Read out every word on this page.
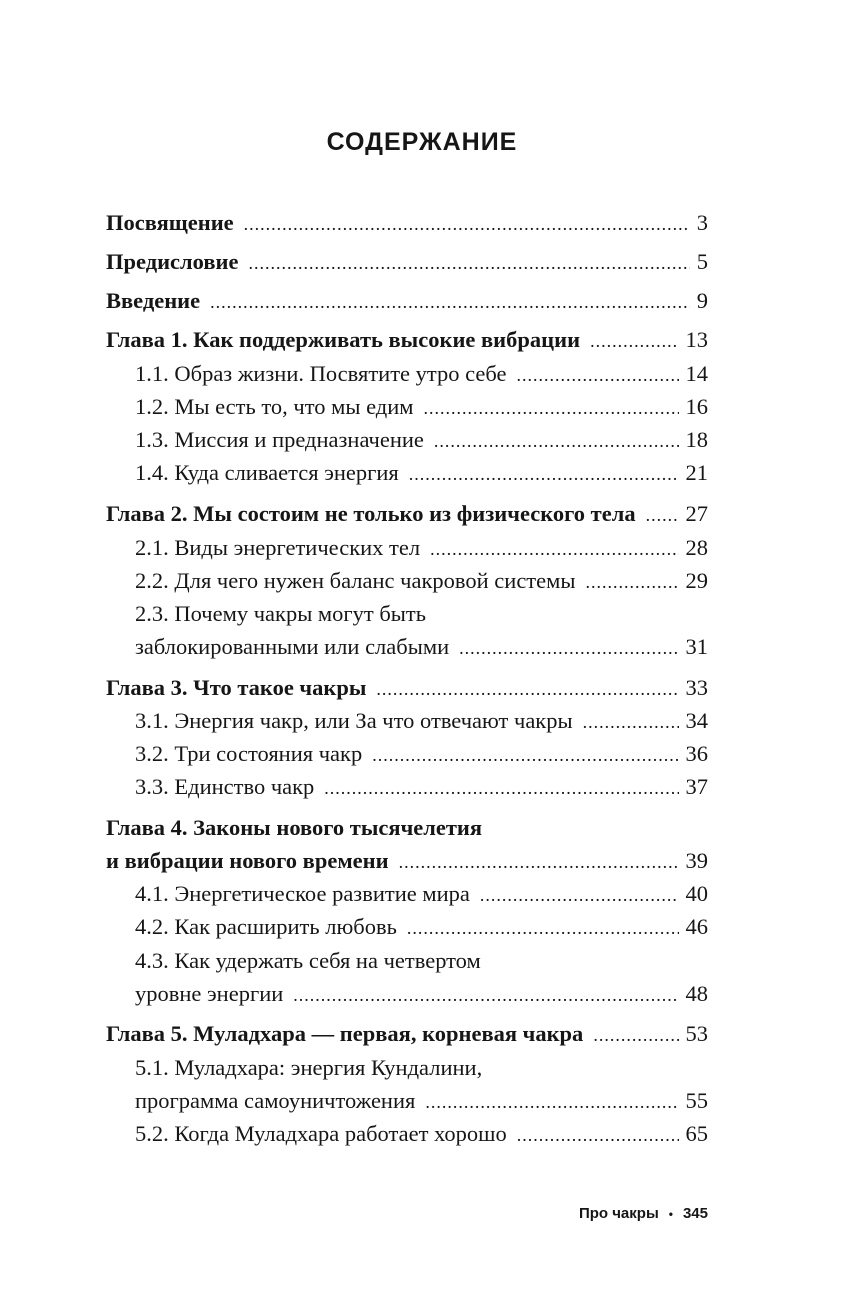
СОДЕРЖАНИЕ
Посвящение .....	3
Предисловие .....	5
Введение .....	9
Глава 1. Как поддерживать высокие вибрации .....	13
1.1. Образ жизни. Посвятите утро себе .....	14
1.2. Мы есть то, что мы едим .....	16
1.3. Миссия и предназначение .....	18
1.4. Куда сливается энергия .....	21
Глава 2. Мы состоим не только из физического тела ..... 27
2.1. Виды энергетических тел .....	28
2.2. Для чего нужен баланс чакровой системы .....	29
2.3. Почему чакры могут быть
заблокированными или слабыми .....	31
Глава 3. Что такое чакры .....	33
3.1. Энергия чакр, или За что отвечают чакры .....	34
3.2. Три состояния чакр .....	36
3.3. Единство чакр .....	37
Глава 4. Законы нового тысячелетия
и вибрации нового времени .....	39
4.1. Энергетическое развитие мира .....	40
4.2. Как расширить любовь .....	46
4.3. Как удержать себя на четвертом
уровне энергии .....	48
Глава 5. Муладхара — первая, корневая чакра .....	53
5.1. Муладхара: энергия Кундалини,
программа самоуничтожения .....	55
5.2. Когда Муладхара работает хорошо .....	65
Про чакры • 345
